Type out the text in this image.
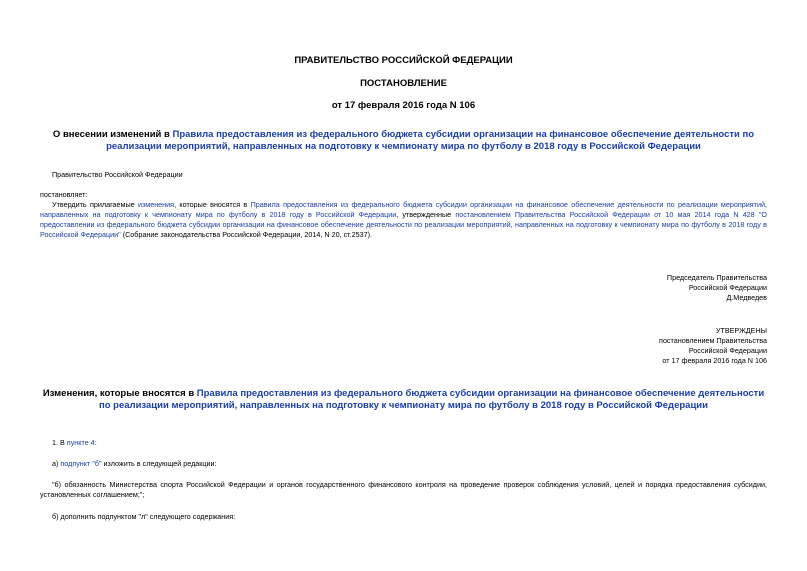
ПРАВИТЕЛЬСТВО РОССИЙСКОЙ ФЕДЕРАЦИИ
ПОСТАНОВЛЕНИЕ
от 17 февраля 2016 года N 106
О внесении изменений в Правила предоставления из федерального бюджета субсидии организации на финансовое обеспечение деятельности по реализации мероприятий, направленных на подготовку к чемпионату мира по футболу в 2018 году в Российской Федерации
Правительство Российской Федерации
постановляет:
Утвердить прилагаемые изменения, которые вносятся в Правила предоставления из федерального бюджета субсидии организации на финансовое обеспечение деятельности по реализации мероприятий, направленных на подготовку к чемпионату мира по футболу в 2018 году в Российской Федерации, утвержденные постановлением Правительства Российской Федерации от 10 мая 2014 года N 428 "О предоставлении из федерального бюджета субсидии организации на финансовое обеспечение деятельности по реализации мероприятий, направленных на подготовку к чемпионату мира по футболу в 2018 году в Российской Федерации" (Собрание законодательства Российской Федерации, 2014, N 20, ст.2537).
Председатель Правительства
Российской Федерации
Д.Медведев
УТВЕРЖДЕНЫ
постановлением Правительства
Российской Федерации
от 17 февраля 2016 года N 106
Изменения, которые вносятся в Правила предоставления из федерального бюджета субсидии организации на финансовое обеспечение деятельности по реализации мероприятий, направленных на подготовку к чемпионату мира по футболу в 2018 году в Российской Федерации
1. В пункте 4:
а) подпункт "б" изложить в следующей редакции:
"б) обязанность Министерства спорта Российской Федерации и органов государственного финансового контроля на проведение проверок соблюдения условий, целей и порядка предоставления субсидии, установленных соглашением;";
б) дополнить подпунктом "л" следующего содержания:
